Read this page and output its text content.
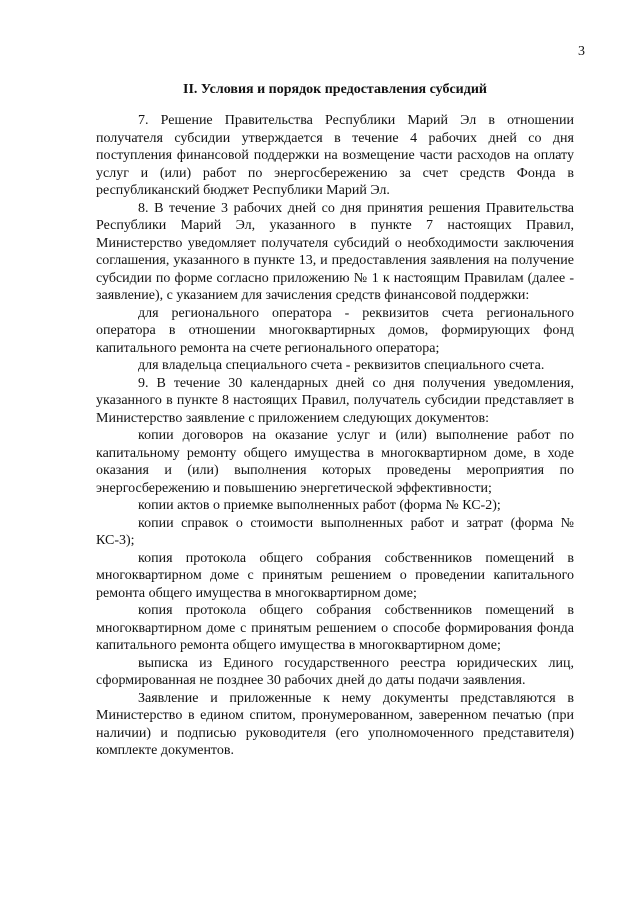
3
II. Условия и порядок предоставления субсидий

7. Решение Правительства Республики Марий Эл в отношении получателя субсидии утверждается в течение 4 рабочих дней со дня поступления финансовой поддержки на возмещение части расходов на оплату услуг и (или) работ по энергосбережению за счет средств Фонда в республиканский бюджет Республики Марий Эл.

8. В течение 3 рабочих дней со дня принятия решения Правительства Республики Марий Эл, указанного в пункте 7 настоящих Правил, Министерство уведомляет получателя субсидий о необходимости заключения соглашения, указанного в пункте 13, и предоставления заявления на получение субсидии по форме согласно приложению № 1 к настоящим Правилам (далее - заявление), с указанием для зачисления средств финансовой поддержки:

для регионального оператора - реквизитов счета регионального оператора в отношении многоквартирных домов, формирующих фонд капитального ремонта на счете регионального оператора;

для владельца специального счета - реквизитов специального счета.

9. В течение 30 календарных дней со дня получения уведомления, указанного в пункте 8 настоящих Правил, получатель субсидии представляет в Министерство заявление с приложением следующих документов:

копии договоров на оказание услуг и (или) выполнение работ по капитальному ремонту общего имущества в многоквартирном доме, в ходе оказания и (или) выполнения которых проведены мероприятия по энергосбережению и повышению энергетической эффективности;

копии актов о приемке выполненных работ (форма № КС-2);

копии справок о стоимости выполненных работ и затрат (форма № КС-3);

копия протокола общего собрания собственников помещений в многоквартирном доме с принятым решением о проведении капитального ремонта общего имущества в многоквартирном доме;

копия протокола общего собрания собственников помещений в многоквартирном доме с принятым решением о способе формирования фонда капитального ремонта общего имущества в многоквартирном доме;

выписка из Единого государственного реестра юридических лиц, сформированная не позднее 30 рабочих дней до даты подачи заявления.

Заявление и приложенные к нему документы представляются в Министерство в едином спитом, пронумерованном, заверенном печатью (при наличии) и подписью руководителя (его уполномоченного представителя) комплекте документов.
